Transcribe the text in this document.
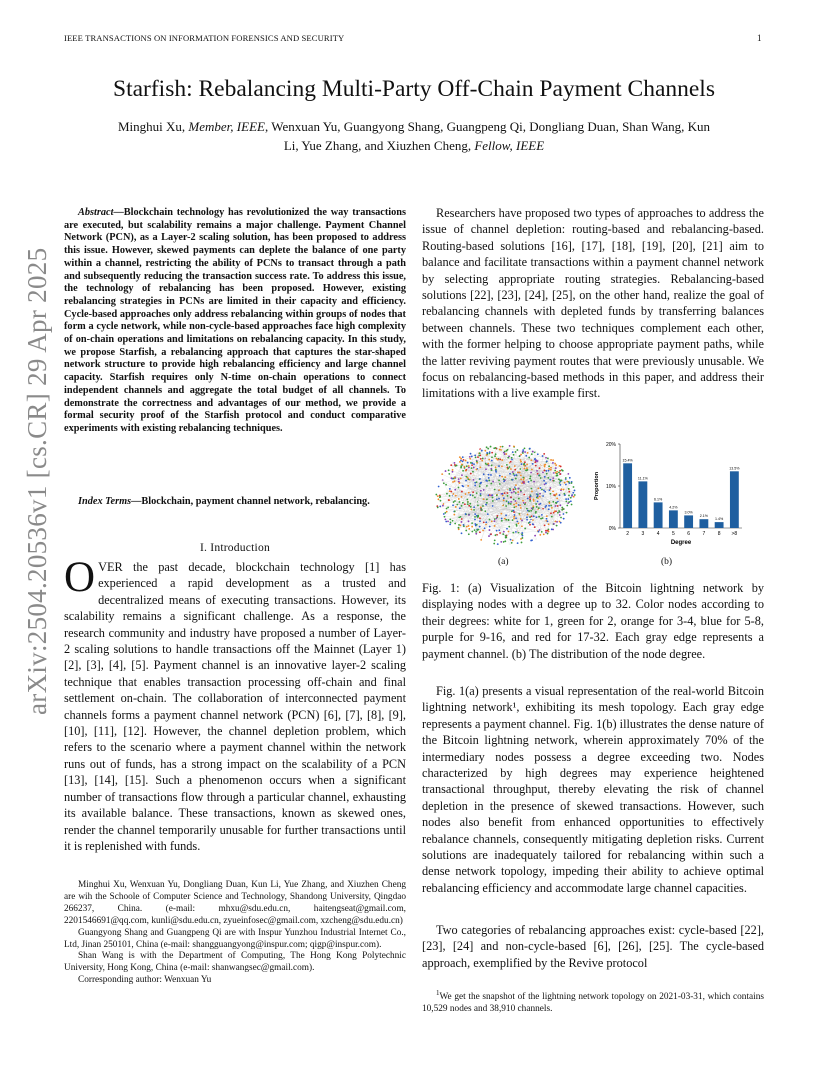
IEEE TRANSACTIONS ON INFORMATION FORENSICS AND SECURITY	1
Starfish: Rebalancing Multi-Party Off-Chain Payment Channels
Minghui Xu, Member, IEEE, Wenxuan Yu, Guangyong Shang, Guangpeng Qi, Dongliang Duan, Shan Wang, Kun
Li, Yue Zhang, and Xiuzhen Cheng, Fellow, IEEE
arXiv:2504.20536v1 [cs.CR] 29 Apr 2025
Abstract—Blockchain technology has revolutionized the way transactions are executed, but scalability remains a major challenge. Payment Channel Network (PCN), as a Layer-2 scaling solution, has been proposed to address this issue. However, skewed payments can deplete the balance of one party within a channel, restricting the ability of PCNs to transact through a path and subsequently reducing the transaction success rate. To address this issue, the technology of rebalancing has been proposed. However, existing rebalancing strategies in PCNs are limited in their capacity and efficiency. Cycle-based approaches only address rebalancing within groups of nodes that form a cycle network, while non-cycle-based approaches face high complexity of on-chain operations and limitations on rebalancing capacity. In this study, we propose Starfish, a rebalancing approach that captures the star-shaped network structure to provide high rebalancing efficiency and large channel capacity. Starfish requires only N-time on-chain operations to connect independent channels and aggregate the total budget of all channels. To demonstrate the correctness and advantages of our method, we provide a formal security proof of the Starfish protocol and conduct comparative experiments with existing rebalancing techniques.
Index Terms—Blockchain, payment channel network, rebalancing.
I. Introduction
OVER the past decade, blockchain technology [1] has experienced a rapid development as a trusted and decentralized means of executing transactions. However, its scalability remains a significant challenge. As a response, the research community and industry have proposed a number of Layer-2 scaling solutions to handle transactions off the Mainnet (Layer 1) [2], [3], [4], [5]. Payment channel is an innovative layer-2 scaling technique that enables transaction processing off-chain and final settlement on-chain. The collaboration of interconnected payment channels forms a payment channel network (PCN) [6], [7], [8], [9], [10], [11], [12]. However, the channel depletion problem, which refers to the scenario where a payment channel within the network runs out of funds, has a strong impact on the scalability of a PCN [13], [14], [15]. Such a phenomenon occurs when a significant number of transactions flow through a particular channel, exhausting its available balance. These transactions, known as skewed ones, render the channel temporarily unusable for further transactions until it is replenished with funds.

Minghui Xu, Wenxuan Yu, Dongliang Duan, Kun Li, Yue Zhang, and Xiuzhen Cheng are wih the Schoole of Computer Science and Technology, Shandong University, Qingdao 266237, China. (e-mail: mhxu@sdu.edu.cn, haitengseat@gmail.com, 2201546691@qq.com, kunli@sdu.edu.cn, zyueinfosec@gmail.com, xzcheng@sdu.edu.cn)

Guangyong Shang and Guangpeng Qi are with Inspur Yunzhou Industrial Internet Co., Ltd, Jinan 250101, China (e-mail: shangguangyong@inspur.com; qigp@inspur.com).

Shan Wang is with the Department of Computing, The Hong Kong Polytechnic University, Hong Kong, China (e-mail: shanwangsec@gmail.com).

Corresponding author: Wenxuan Yu

Researchers have proposed two types of approaches to address the issue of channel depletion: routing-based and rebalancing-based. Routing-based solutions [16], [17], [18], [19], [20], [21] aim to balance and facilitate transactions within a payment channel network by selecting appropriate routing strategies. Rebalancing-based solutions [22], [23], [24], [25], on the other hand, realize the goal of rebalancing channels with depleted funds by transferring balances between channels. These two techniques complement each other, with the former helping to choose appropriate payment paths, while the latter reviving payment routes that were previously unusable. We focus on rebalancing-based methods in this paper, and address their limitations with a live example first.
(a)
0%
10%
20%
Proportion
15.4%
2
11.1%
3
6.1%
4
4.2%
5
3.0%
6
2.1%
7
1.4%
8
13.5%
>8
Degree
(b)
Fig. 1: (a) Visualization of the Bitcoin lightning network by displaying nodes with a degree up to 32. Color nodes according to their degrees: white for 1, green for 2, orange for 3-4, blue for 5-8, purple for 9-16, and red for 17-32. Each gray edge represents a payment channel. (b) The distribution of the node degree.
Fig. 1(a) presents a visual representation of the real-world Bitcoin lightning network¹, exhibiting its mesh topology. Each gray edge represents a payment channel. Fig. 1(b) illustrates the dense nature of the Bitcoin lightning network, wherein approximately 70% of the intermediary nodes possess a degree exceeding two. Nodes characterized by high degrees may experience heightened transactional throughput, thereby elevating the risk of channel depletion in the presence of skewed transactions. However, such nodes also benefit from enhanced opportunities to effectively rebalance channels, consequently mitigating depletion risks. Current solutions are inadequately tailored for rebalancing within such a dense network topology, impeding their ability to achieve optimal rebalancing efficiency and accommodate large channel capacities.
Two categories of rebalancing approaches exist: cycle-based [22], [23], [24] and non-cycle-based [6], [26], [25]. The cycle-based approach, exemplified by the Revive protocol
$^1$We get the snapshot of the lightning network topology on 2021-03-31, which contains 10,529 nodes and 38,910 channels.
